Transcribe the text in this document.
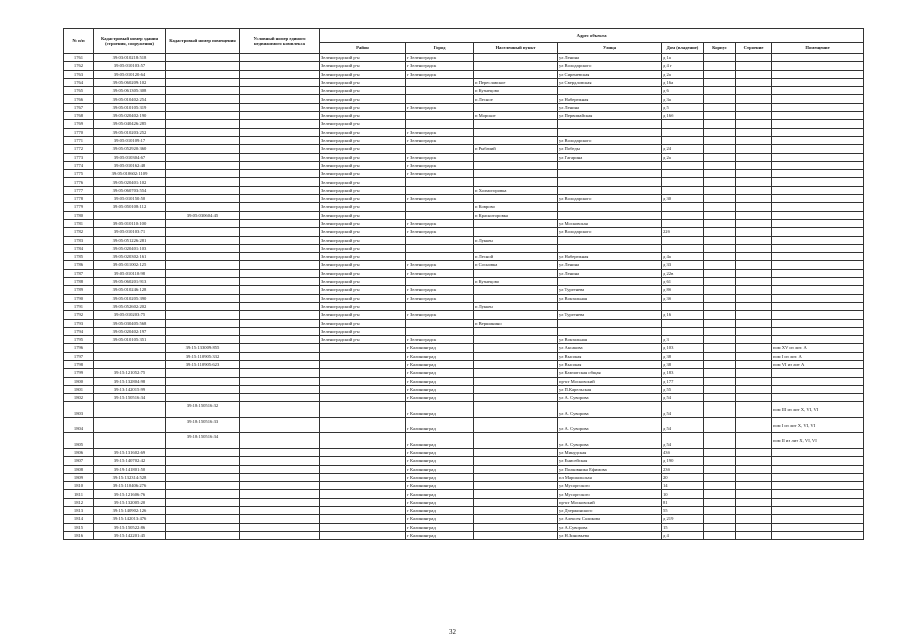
№ п/п	Кадастровый номер здания (строения, сооружения)	Кадастровый номер помещения	Условный номер единого недвижимого комплекса	Адрес объекта							
				Район	Город	Населенный пункт	Улица	Дом (владение)	Корпус	Строение	Помещение
1761	39:03:010218:518			Зеленоградский р-н	г Зеленоградск		ул Ленина	д 1а			
1762	39:05:010103:57			Зеленоградский р-н	г Зеленоградск		ул Володарского	д 4 г			
1763	39:05:010120:64			Зеленоградский р-н	г Зеленоградск		ул Сиреневская	д 2а			
1764	39:05:060209:102			Зеленоградский р-н		п Переславское	ул Свердловская	д 16а			
1765	39:05:061305:308			Зеленоградский р-н		п Кузнецово		д 6			
1766	39:05:010402:254			Зеленоградский р-н		п Лесное	ул Набережная	д 3а			
1767	39:05:010105:319			Зеленоградский р-н	г Зеленоградск		ул Ленина	д 5			
1768	39:05:020402:190			Зеленоградский р-н		п Морское	ул Первомайская	д 16б			
1769	39:05:040426:285			Зеленоградский р-н							
1770	39:05:010203:252			Зеленоградский р-н	г Зеленоградск						
1771	39:05:010109:17			Зеленоградский р-н	г Зеленоградск		ул Володарского				
1772	39:05:052920:360			Зеленоградский р-н		п Рыбачий	ул Победы	д 24			
1773	39:05:010304:67			Зеленоградский р-н	г Зеленоградск		ул Гагарина	д 2а			
1774	39:05:010162:48			Зеленоградский р-н	г Зеленоградск						
1775	39:05:010602:1109			Зеленоградский р-н	г Зеленоградск						
1776	39:05:020401:102			Зеленоградский р-н							
1777	39:05:060703:554			Зеленоградский р-н		п Холмогоровка					
1778	39:05:010150:50			Зеленоградский р-н	г Зеленоградск		ул Володарского	д 30			
1779	39:05:050108:112			Зеленоградский р-н		п Коврово					
1780		39:05:030604:45		Зеленоградский р-н		п Красноторовка					
1781	39:05:010110:100			Зеленоградский р-н	г Зеленоградск		ул Московская				
1782	39:05:010103:71			Зеленоградский р-н	г Зеленоградск		ул Володарского	22б			
1783	39:05:051226:281			Зеленоградский р-н		п Луккен					
1784	39:05:020401:103			Зеленоградский р-н							
1785	39:05:020302:161			Зеленоградский р-н		п Лесной	ул Набережная	д 4а			
1786	39:05:011002:125			Зеленоградский р-н	г Зеленоградск	п Сосновка	ул Ленина	д 33			
1787	39:05:010110:98			Зеленоградский р-н	г Зеленоградск		ул Ленина	д 22в			
1788	39:05:060201:913			Зеленоградский р-н		п Кузнецово		д 61			
1789	39:05:010246:128			Зеленоградский р-н	г Зеленоградск		ул Тургенева	д 8б			
1790	39:05:010205:390			Зеленоградский р-н	г Зеленоградск		ул Вокзальная	д 3б			
1791	39:05:052602:202			Зеленоградский р-н		п Луккен					
1792	39:05:010203:75			Зеленоградский р-н	г Зеленоградск		ул Тургенева	д 16			
1793	39:05:030405:568			Зеленоградский р-н		п Вершинино					
1794	39:05:020402:197			Зеленоградский р-н							
1795	39:05:010105:351			Зеленоградский р-н	г Зеленоградск		ул Вокзальная	д 3			
1796		39:15:133009:855			г Калининград		ул Аксакова	д 103			пом XV из лит. А
1797		39:15:110905:332			г Калининград		ул Высокая	д 38			пом I из лит. А
1798		39:15:110905:623			г Калининград		ул Высокая	д 38			пом VI из лит А
1799	39:15:121052:75				г Калининград		ул Камчатская общая	д 183			
1800	39:15:132804:98				г Калининград		пр-кт Московский	д 177			
1801	39:13:142015:99				г Калининград		ул П.Карельская	д 55			
1802	39:15:150516:34				г Калининград		ул А. Суворова	д 54			
1803		39:18:150516:32			г Калининград		ул А. Суворова	д 54			пом III из лит Х, VI, VI
1804		39:18:150516:33			г Калининград		ул А. Суворова	д 54			пом I из лит Х, VI, VI
1805		39:18:150516:34			г Калининград		ул А. Суворова	д 54			пом II из лит Х, VI, VI
1806	39:15:131602:69				г Калининград		ул Минудская	43б			
1807	39:15:140702:42				г Калининград		ул Енисейская	д 190			
1808	39:19:141801:50				г Калининград		ул Полковника Ефимова	23б			
1809	39:15:132314:528				г Калининград		пл Маршальская	20			
1810	39:15:110406:276				г Калининград		ул Мусоргского	14			
1811	39:15:121606:76				г Калининград		ул Мусоргского	10			
1812	39:15:132005:20				г Калининград		пр-кт Московский	81			
1813	39:15:140902:126				г Калининград		ул Дзержинского	55			
1814	39:15:142013:476				г Калининград		ул Алексея Саликова	д 219			
1815	39:15:150522:86				г Калининград		ул А.Суворова	15			
1816	39:15:142201:45				г Калининград		ул Н.Зиновьева	д 4			
32
